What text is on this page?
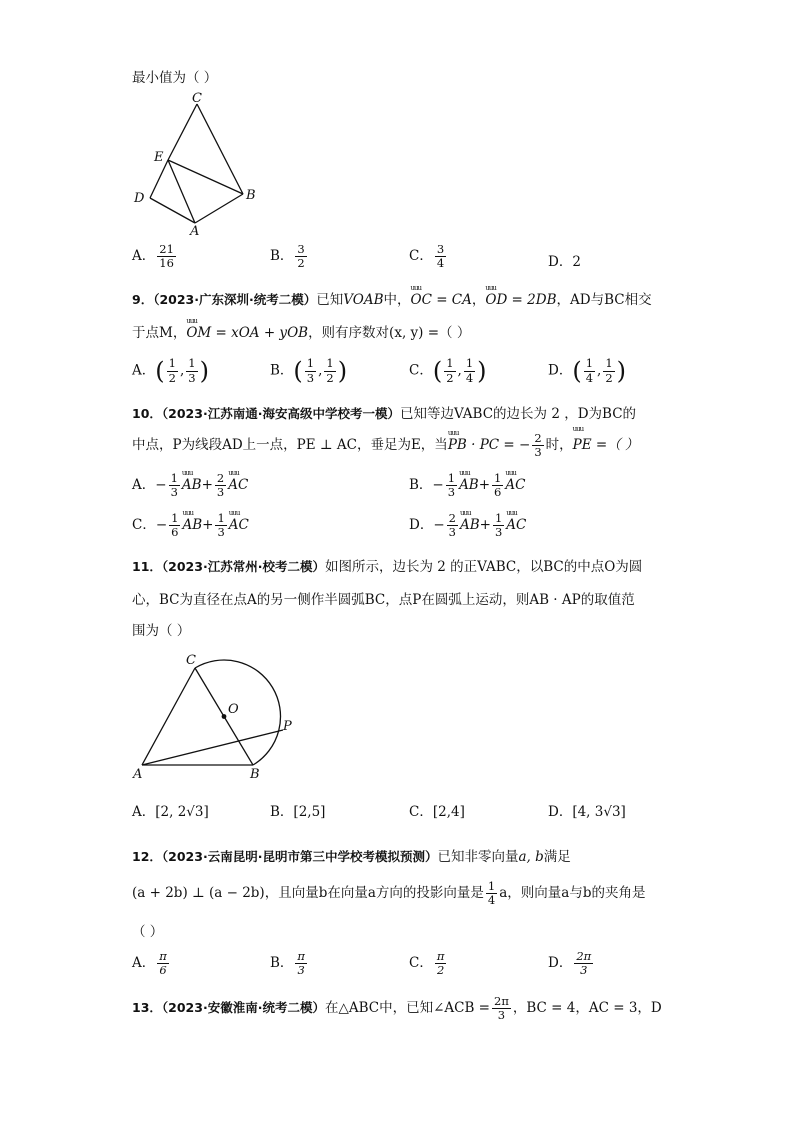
最小值为（ ）
C
E
D	B
A
A． $\frac{21}{16}$	B． $\frac{3}{2}$	C． $\frac{3}{4}$	D．2
9．（2023·广东深圳·统考二模）已知VOAB中，uuu OC = CA，uuu OD = 2DB，AD与BC相交
于点M，uuu OM = xOA + yOB，则有序数对(x, y) =（ ）
A．( $\frac{1}{2}$ , $\frac{1}{3}$ )	B．( $\frac{1}{3}$ , $\frac{1}{2}$ )	C．( $\frac{1}{2}$ , $\frac{1}{4}$ )	D．( $\frac{1}{4}$ , $\frac{1}{2}$ )
10．（2023·江苏南通·海安高级中学校考一模）已知等边VABC的边长为 2 ，D为BC的
中点，P为线段AD上一点，PE ⊥ AC，垂足为E，当uuu PB · PC = − $\frac{2}{3}$ 时，uuu PE =（ ）
A．− $\frac{1}{3}$ uuu $AB+ \frac{2}{3}$ uuu AC	B．− $\frac{1}{3}$ uuu $AB+ \frac{1}{6}$ uuu AC
C．− $\frac{1}{6}$ uuu $AB+ \frac{1}{3}$ uuu AC	D．− $\frac{2}{3}$ uuu $AB+ \frac{1}{3}$ uuu AC
11．（2023·江苏常州·校考二模）如图所示，边长为 2 的正VABC，以BC的中点O为圆
心，BC为直径在点A的另一侧作半圆弧BC，点P在圆弧上运动，则AB · AP的取值范
围为（ ）
C
O
P
A	B
A．[2, 2√3]	B．[2,5]	C．[2,4]	D．[4, 3√3]
12．（2023·云南昆明·昆明市第三中学校考模拟预测）已知非零向量a, b满足
(a + 2b) ⊥ (a − 2b)，且向量b在向量a方向的投影向量是 $\frac{1}{4}$ a，则向量a与b的夹角是
（ ）
A． $\frac{\pi}{6}$	B． $\frac{\pi}{3}$	C． $\frac{\pi}{2}$	D． $\frac{2\pi}{3}$
13．（2023·安徽淮南·统考二模）在△ABC中，已知∠ACB = $\frac{2\pi}{3}$ ，BC = 4，AC = 3，D
